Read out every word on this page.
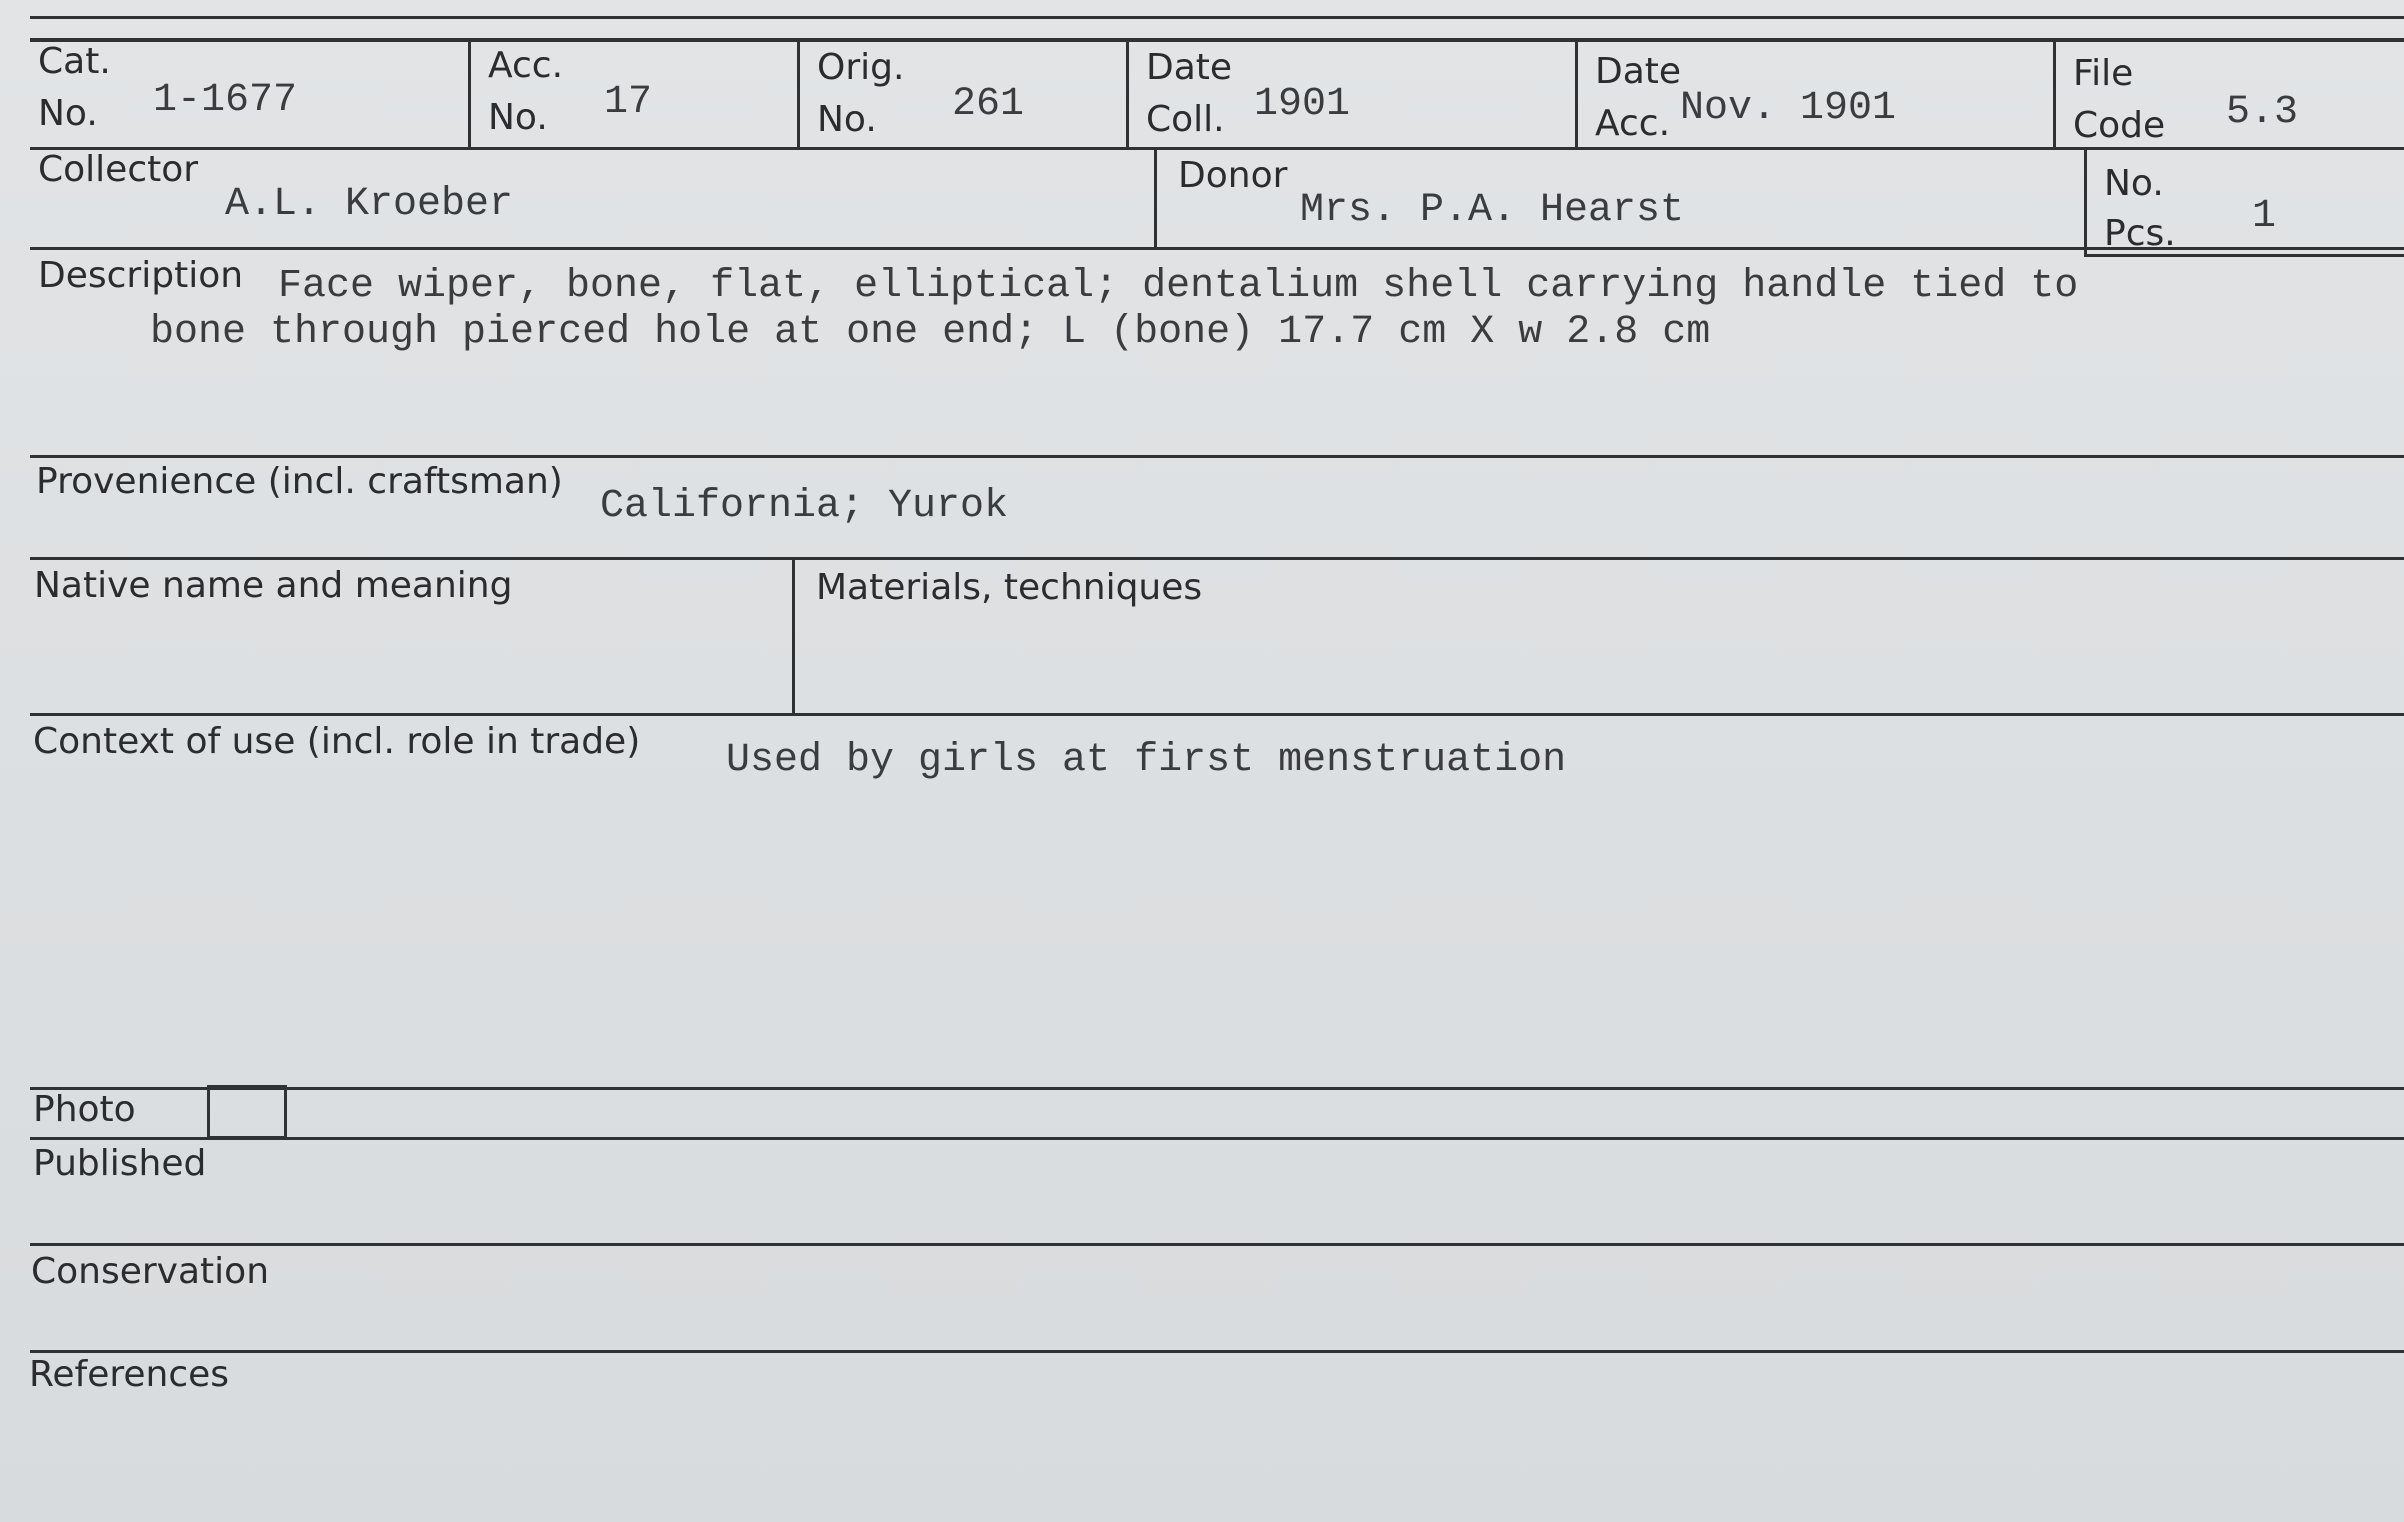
Cat.
No. 1-1677
Acc.
No. 17
Orig.
No. 261
Date
Coll. 1901
Date
Acc. Nov. 1901
File
Code 5.3
Collector
A.L. Kroeber
Donor
Mrs. P.A. Hearst
No.
Pcs. 1
Description Face wiper, bone, flat, elliptical; dentalium shell carrying handle tied to
bone through pierced hole at one end; L (bone) 17.7 cm X w 2.8 cm
Provenience (incl. craftsman)
California; Yurok
Native name and meaning	Materials, techniques
Context of use (incl. role in trade) Used by girls at first menstruation
Photo
Published
Conservation
References
